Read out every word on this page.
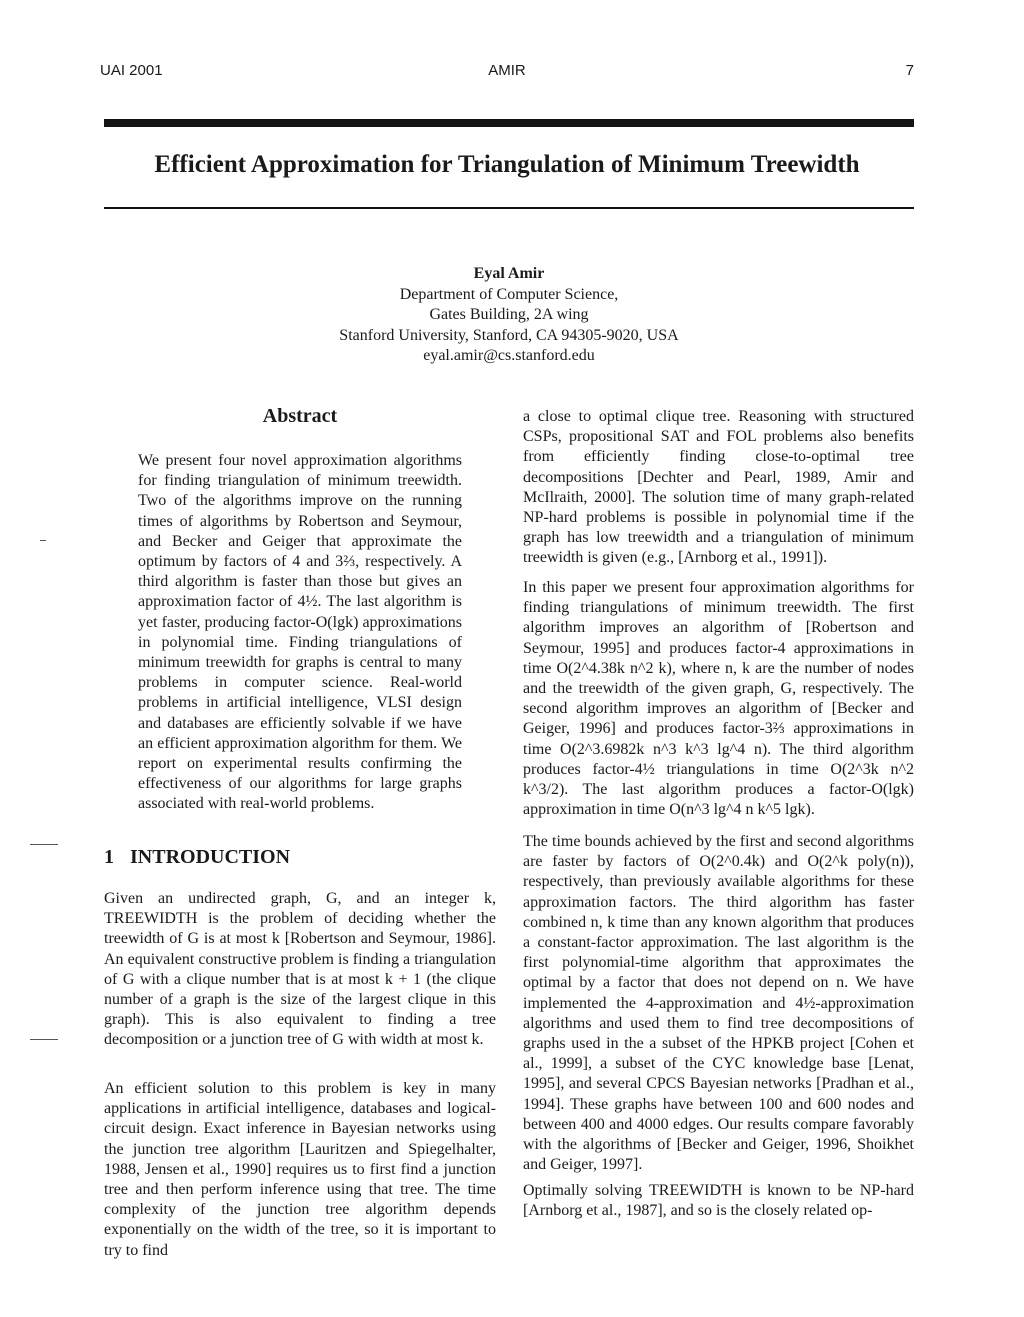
UAI 2001	AMIR	7
Efficient Approximation for Triangulation of Minimum Treewidth
Eyal Amir
Department of Computer Science,
Gates Building, 2A wing
Stanford University, Stanford, CA 94305-9020, USA
eyal.amir@cs.stanford.edu
Abstract

We present four novel approximation algorithms for finding triangulation of minimum treewidth. Two of the algorithms improve on the running times of algorithms by Robertson and Seymour, and Becker and Geiger that approximate the optimum by factors of 4 and 3⅔, respectively. A third algorithm is faster than those but gives an approximation factor of 4½. The last algorithm is yet faster, producing factor-O(lgk) approximations in polynomial time. Finding triangulations of minimum treewidth for graphs is central to many problems in computer science. Real-world problems in artificial intelligence, VLSI design and databases are efficiently solvable if we have an efficient approximation algorithm for them. We report on experimental results confirming the effectiveness of our algorithms for large graphs associated with real-world problems.

1 INTRODUCTION

Given an undirected graph, G, and an integer k, TREEWIDTH is the problem of deciding whether the treewidth of G is at most k [Robertson and Seymour, 1986]. An equivalent constructive problem is finding a triangulation of G with a clique number that is at most k + 1 (the clique number of a graph is the size of the largest clique in this graph). This is also equivalent to finding a tree decomposition or a junction tree of G with width at most k.

An efficient solution to this problem is key in many applications in artificial intelligence, databases and logical-circuit design. Exact inference in Bayesian networks using the junction tree algorithm [Lauritzen and Spiegelhalter, 1988, Jensen et al., 1990] requires us to first find a junction tree and then perform inference using that tree. The time complexity of the junction tree algorithm depends exponentially on the width of the tree, so it is important to try to find

a close to optimal clique tree. Reasoning with structured CSPs, propositional SAT and FOL problems also benefits from efficiently finding close-to-optimal tree decompositions [Dechter and Pearl, 1989, Amir and McIlraith, 2000]. The solution time of many graph-related NP-hard problems is possible in polynomial time if the graph has low treewidth and a triangulation of minimum treewidth is given (e.g., [Arnborg et al., 1991]).

In this paper we present four approximation algorithms for finding triangulations of minimum treewidth. The first algorithm improves an algorithm of [Robertson and Seymour, 1995] and produces factor-4 approximations in time O(2^4.38k n^2 k), where n, k are the number of nodes and the treewidth of the given graph, G, respectively. The second algorithm improves an algorithm of [Becker and Geiger, 1996] and produces factor-3⅔ approximations in time O(2^3.6982k n^3 k^3 lg^4 n). The third algorithm produces factor-4½ triangulations in time O(2^3k n^2 k^3/2). The last algorithm produces a factor-O(lgk) approximation in time O(n^3 lg^4 n k^5 lgk).

The time bounds achieved by the first and second algorithms are faster by factors of O(2^0.4k) and O(2^k poly(n)), respectively, than previously available algorithms for these approximation factors. The third algorithm has faster combined n, k time than any known algorithm that produces a constant-factor approximation. The last algorithm is the first polynomial-time algorithm that approximates the optimal by a factor that does not depend on n. We have implemented the 4-approximation and 4½-approximation algorithms and used them to find tree decompositions of graphs used in the a subset of the HPKB project [Cohen et al., 1999], a subset of the CYC knowledge base [Lenat, 1995], and several CPCS Bayesian networks [Pradhan et al., 1994]. These graphs have between 100 and 600 nodes and between 400 and 4000 edges. Our results compare favorably with the algorithms of [Becker and Geiger, 1996, Shoikhet and Geiger, 1997].

Optimally solving TREEWIDTH is known to be NP-hard [Arnborg et al., 1987], and so is the closely related op-
